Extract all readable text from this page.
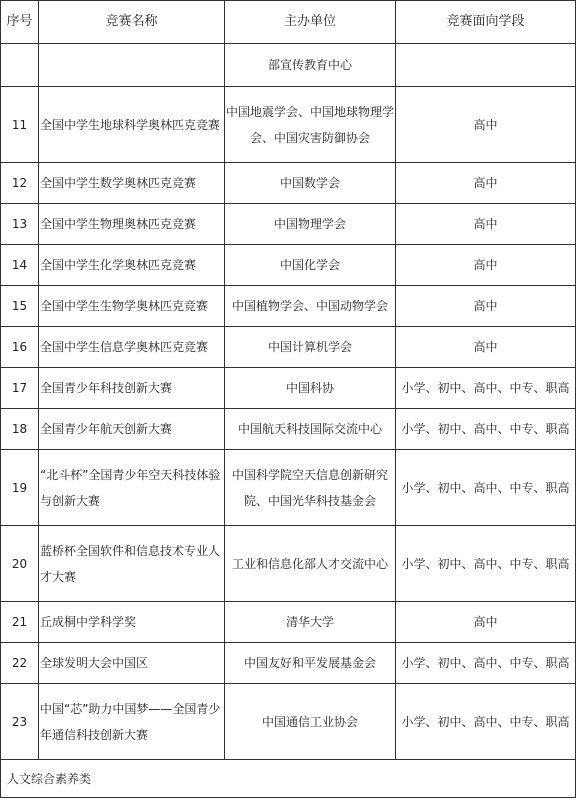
序号	竞赛名称	主办单位	竞赛面向学段
		部宣传教育中心	
11	全国中学生地球科学奥林匹克竞赛	中国地震学会、中国地球物理学会、中国灾害防御协会	高中
12	全国中学生数学奥林匹克竞赛	中国数学会	高中
13	全国中学生物理奥林匹克竞赛	中国物理学会	高中
14	全国中学生化学奥林匹克竞赛	中国化学会	高中
15	全国中学生生物学奥林匹克竞赛	中国植物学会、中国动物学会	高中
16	全国中学生信息学奥林匹克竞赛	中国计算机学会	高中
17	全国青少年科技创新大赛	中国科协	小学、初中、高中、中专、职高
18	全国青少年航天创新大赛	中国航天科技国际交流中心	小学、初中、高中、中专、职高
19	“北斗杯”全国青少年空天科技体验与创新大赛	中国科学院空天信息创新研究院、中国光华科技基金会	小学、初中、高中、中专、职高
20	蓝桥杯全国软件和信息技术专业人才大赛	工业和信息化部人才交流中心	小学、初中、高中、中专、职高
21	丘成桐中学科学奖	清华大学	高中
22	全球发明大会中国区	中国友好和平发展基金会	小学、初中、高中、中专、职高
23	中国“芯”助力中国梦——全国青少年通信科技创新大赛	中国通信工业协会	小学、初中、高中、中专、职高
人文综合素养类			
